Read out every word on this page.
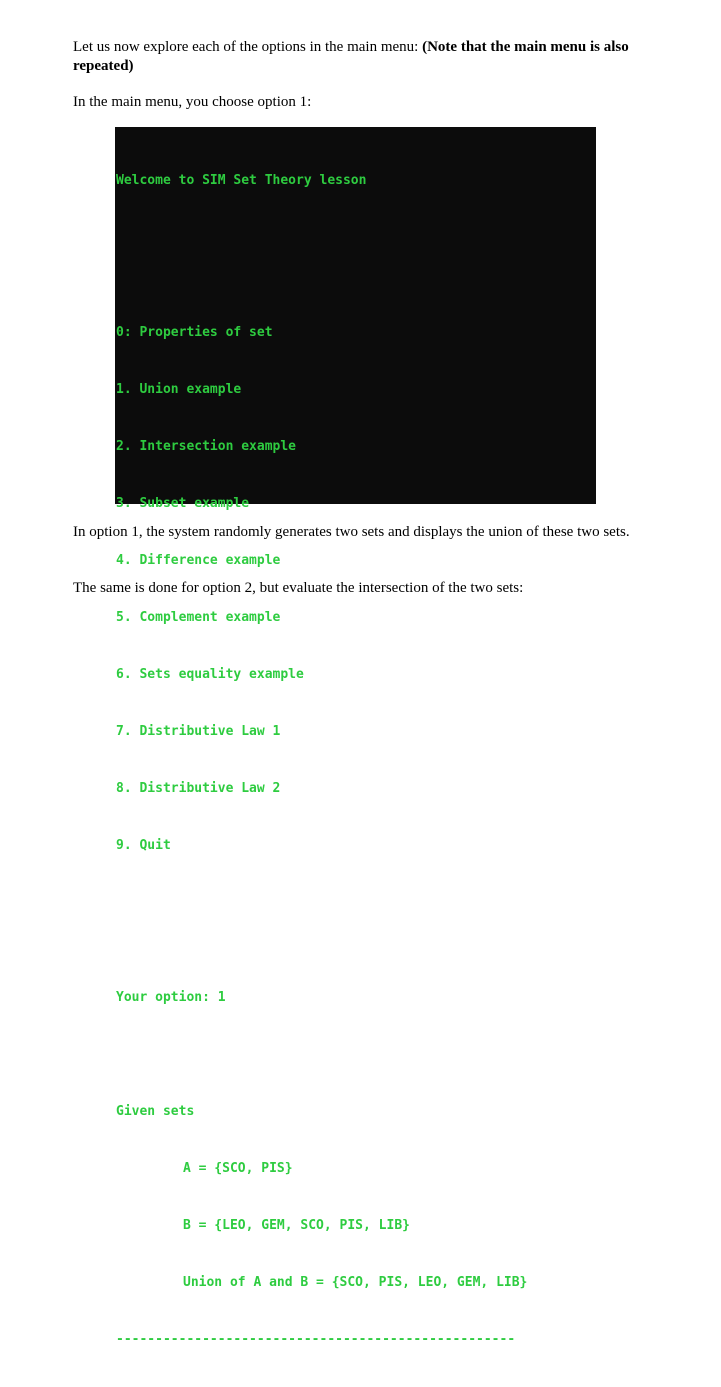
Let us now explore each of the options in the main menu: (Note that the main menu is also repeated)

In the main menu, you choose option 1:

In option 1, the system randomly generates two sets and displays the union of these two sets.

The same is done for option 2, but evaluate the intersection of the two sets:

Welcome to SIM Set Theory lesson

0: Properties of set

1. Union example

2. Intersection example

3. Subset example

4. Difference example

5. Complement example

6. Sets equality example

7. Distributive Law 1

8. Distributive Law 2

9. Quit

Your option: 1

Given sets

A = {SCO, PIS}

B = {LEO, GEM, SCO, PIS, LIB}

Union of A and B = {SCO, PIS, LEO, GEM, LIB}

---------------------------------------------------
